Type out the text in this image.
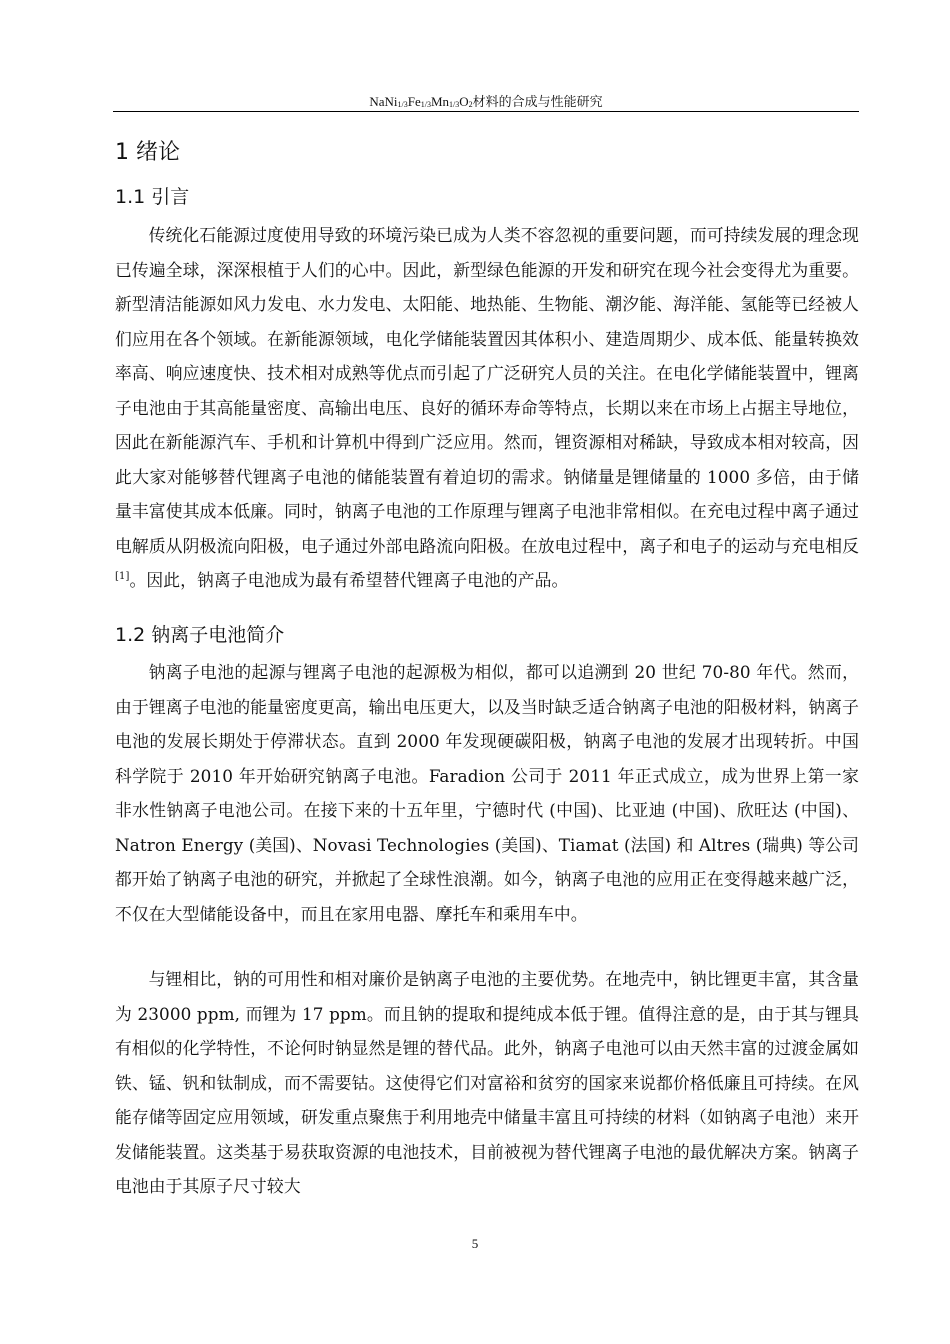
$NaNi_{1/3}Fe_{1/3}Mn_{1/3}O_2$材料的合成与性能研究
1 绪论
1.1 引言

传统化石能源过度使用导致的环境污染已成为人类不容忽视的重要问题，而可持续发展的理念现已传遍全球，深深根植于人们的心中。因此，新型绿色能源的开发和研究在现今社会变得尤为重要。新型清洁能源如风力发电、水力发电、太阳能、地热能、生物能、潮汐能、海洋能、氢能等已经被人们应用在各个领域。在新能源领域，电化学储能装置因其体积小、建造周期少、成本低、能量转换效率高、响应速度快、技术相对成熟等优点而引起了广泛研究人员的关注。在电化学储能装置中，锂离子电池由于其高能量密度、高输出电压、良好的循环寿命等特点，长期以来在市场上占据主导地位，因此在新能源汽车、手机和计算机中得到广泛应用。然而，锂资源相对稀缺，导致成本相对较高，因此大家对能够替代锂离子电池的储能装置有着迫切的需求。钠储量是锂储量的 1000 多倍，由于储量丰富使其成本低廉。同时，钠离子电池的工作原理与锂离子电池非常相似。在充电过程中离子通过电解质从阴极流向阳极，电子通过外部电路流向阳极。在放电过程中，离子和电子的运动与充电相反[1]。因此，钠离子电池成为最有希望替代锂离子电池的产品。

1.2 钠离子电池简介

钠离子电池的起源与锂离子电池的起源极为相似，都可以追溯到 20 世纪 70-80 年代。然而，由于锂离子电池的能量密度更高，输出电压更大，以及当时缺乏适合钠离子电池的阳极材料，钠离子电池的发展长期处于停滞状态。直到 2000 年发现硬碳阳极，钠离子电池的发展才出现转折。中国科学院于 2010 年开始研究钠离子电池。Faradion 公司于 2011 年正式成立，成为世界上第一家非水性钠离子电池公司。在接下来的十五年里，宁德时代 (中国)、比亚迪 (中国)、欣旺达 (中国)、Natron Energy (美国)、Novasi Technologies (美国)、Tiamat (法国) 和 Altres (瑞典) 等公司都开始了钠离子电池的研究，并掀起了全球性浪潮。如今，钠离子电池的应用正在变得越来越广泛，不仅在大型储能设备中，而且在家用电器、摩托车和乘用车中。

与锂相比，钠的可用性和相对廉价是钠离子电池的主要优势。在地壳中，钠比锂更丰富，其含量为 23000 ppm, 而锂为 17 ppm。而且钠的提取和提纯成本低于锂。值得注意的是，由于其与锂具有相似的化学特性，不论何时钠显然是锂的替代品。此外，钠离子电池可以由天然丰富的过渡金属如铁、锰、钒和钛制成，而不需要钴。这使得它们对富裕和贫穷的国家来说都价格低廉且可持续。在风能存储等固定应用领域，研发重点聚焦于利用地壳中储量丰富且可持续的材料（如钠离子电池）来开发储能装置。这类基于易获取资源的电池技术，目前被视为替代锂离子电池的最优解决方案。钠离子电池由于其原子尺寸较大

5
